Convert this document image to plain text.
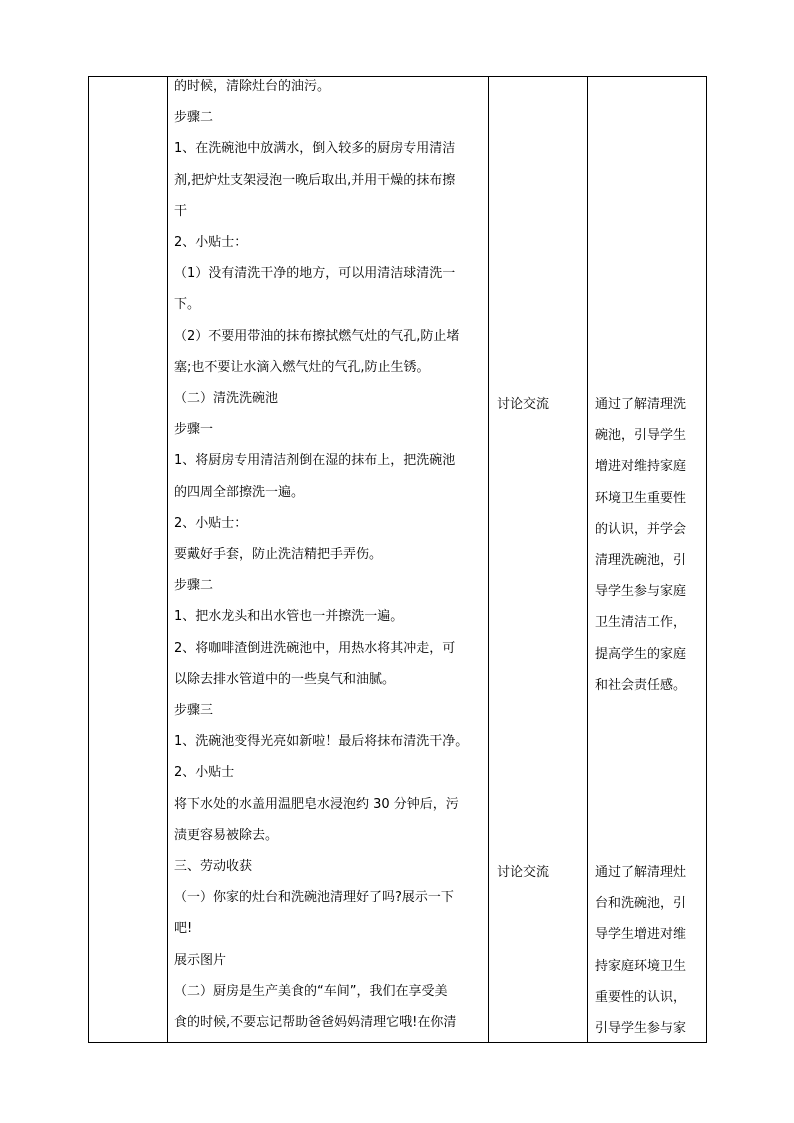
的时候，清除灶台的油污。
步骤二
1、在洗碗池中放满水，倒入较多的厨房专用清洁
剂,把炉灶支架浸泡一晚后取出,并用干燥的抹布擦
干
2、小贴士：
（1）没有清洗干净的地方，可以用清洁球清洗一
下。
（2）不要用带油的抹布擦拭燃气灶的气孔,防止堵
塞;也不要让水滴入燃气灶的气孔,防止生锈。
（二）清洗洗碗池
步骤一
1、将厨房专用清洁剂倒在湿的抹布上，把洗碗池
的四周全部擦洗一遍。
2、小贴士：
要戴好手套，防止洗洁精把手弄伤。
步骤二
1、把水龙头和出水管也一并擦洗一遍。
2、将咖啡渣倒进洗碗池中，用热水将其冲走，可
以除去排水管道中的一些臭气和油腻。
步骤三
1、洗碗池变得光亮如新啦！最后将抹布清洗干净。
2、小贴士
将下水处的水盖用温肥皂水浸泡约 30 分钟后，污
渍更容易被除去。
三、劳动收获
（一）你家的灶台和洗碗池清理好了吗?展示一下
吧!
展示图片
（二）厨房是生产美食的“车间”，我们在享受美
食的时候,不要忘记帮助爸爸妈妈清理它哦!在你清
讨论交流
讨论交流
通过了解清理洗
碗池，引导学生
增进对维持家庭
环境卫生重要性
的认识，并学会
清理洗碗池，引
导学生参与家庭
卫生清洁工作，
提高学生的家庭
和社会责任感。
通过了解清理灶
台和洗碗池，引
导学生增进对维
持家庭环境卫生
重要性的认识，
引导学生参与家
